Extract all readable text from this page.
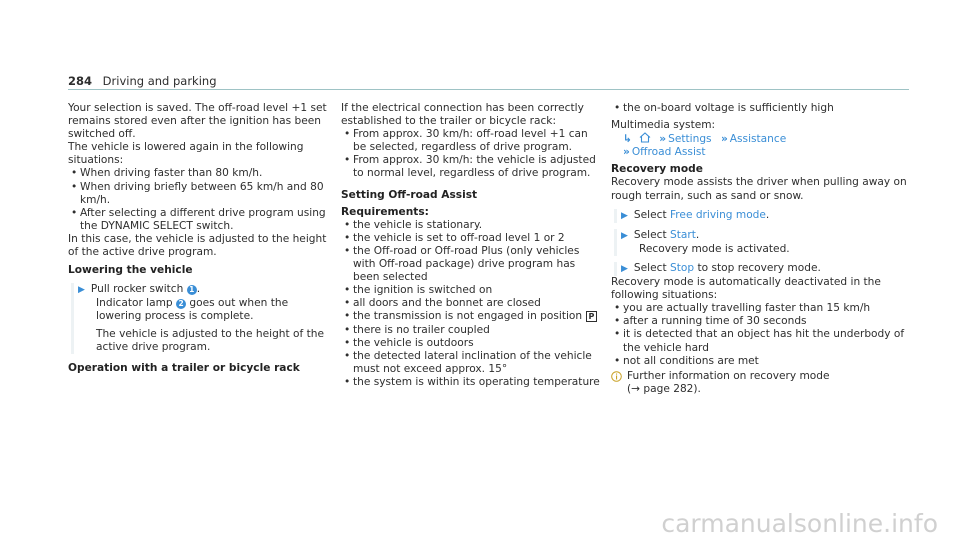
284 Driving and parking

Your selection is saved. The off-road level +1 set remains stored even after the ignition has been switched off.

The vehicle is lowered again in the following situations:

• When driving faster than 80 km/h.
• When driving briefly between 65 km/h and 80 km/h.
• After selecting a different drive program using the DYNAMIC SELECT switch.

In this case, the vehicle is adjusted to the height of the active drive program.

Lowering the vehicle

▶ Pull rocker switch 1 .

Indicator lamp 2 goes out when the lowering process is complete.

The vehicle is adjusted to the height of the active drive program.

Operation with a trailer or bicycle rack

If the electrical connection has been correctly established to the trailer or bicycle rack:

• From approx. 30 km/h: off-road level +1 can be selected, regardless of drive program.
• From approx. 30 km/h: the vehicle is adjusted to normal level, regardless of drive program.

Setting Off-road Assist

Requirements:

• the vehicle is stationary.
• the vehicle is set to off-road level 1 or 2
• the Off-road or Off-road Plus (only vehicles with Off-road package) drive program has been selected
• the ignition is switched on
• all doors and the bonnet are closed
• the transmission is not engaged in position P
• there is no trailer coupled
• the vehicle is outdoors
• the detected lateral inclination of the vehicle must not exceed approx. 15°
• the system is within its operating temperature
• the on-board voltage is sufficiently high

Multimedia system:

↳	» Settings » Assistance

» Offroad Assist

Recovery mode

Recovery mode assists the driver when pulling away on rough terrain, such as sand or snow.

▶ Select Free driving mode.

▶ Select Start.

Recovery mode is activated.

▶ Select Stop to stop recovery mode.

Recovery mode is automatically deactivated in the following situations:

• you are actually travelling faster than 15 km/h
• after a running time of 30 seconds
• it is detected that an object has hit the underbody of the vehicle hard
• not all conditions are met

Further information on recovery mode

(→ page 282).

carmanualsonline.info
